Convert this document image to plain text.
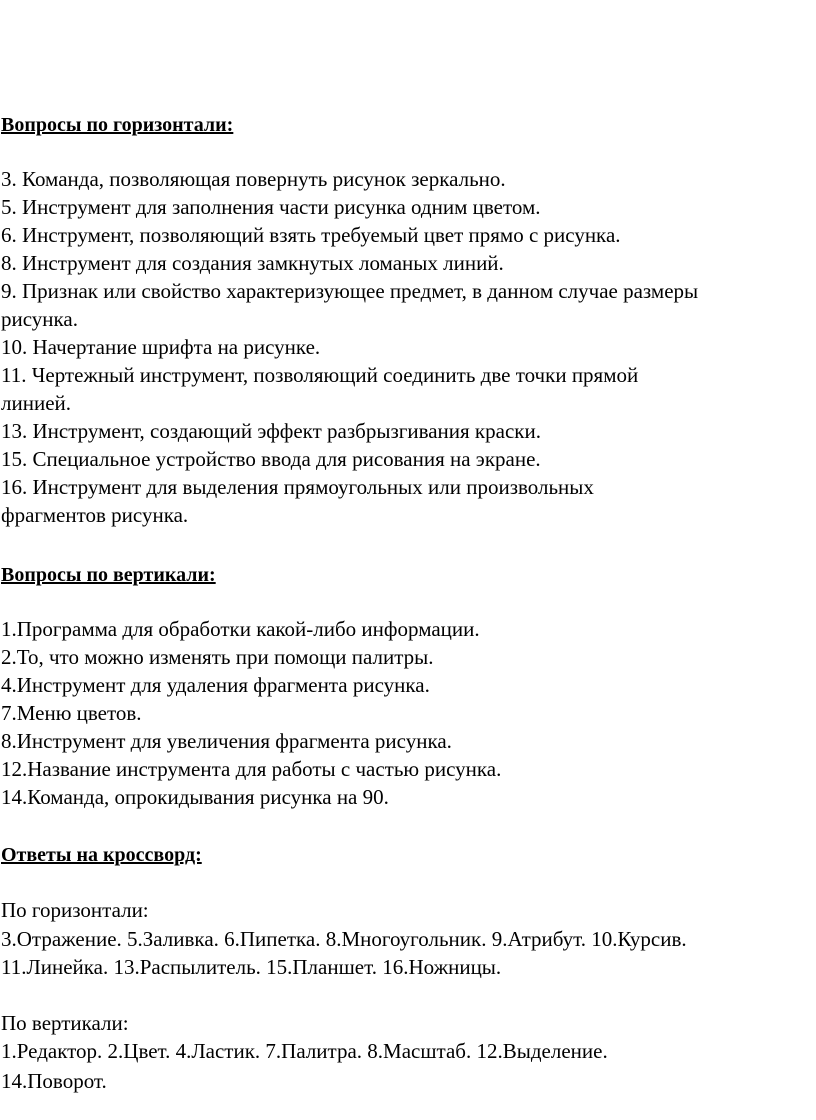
Вопросы по горизонтали:
3. Команда, позволяющая повернуть рисунок зеркально.
5. Инструмент для заполнения части рисунка одним цветом.
6. Инструмент, позволяющий взять требуемый цвет прямо с рисунка.
8. Инструмент для создания замкнутых ломаных линий.
9. Признак или свойство характеризующее предмет, в данном случае размеры
рисунка.
10. Начертание шрифта на рисунке.
11. Чертежный инструмент, позволяющий соединить две точки прямой
линией.
13. Инструмент, создающий эффект разбрызгивания краски.
15. Специальное устройство ввода для рисования на экране.
16. Инструмент для выделения прямоугольных или произвольных
фрагментов рисунка.
Вопросы по вертикали:
1.Программа для обработки какой-либо информации.
2.То, что можно изменять при помощи палитры.
4.Инструмент для удаления фрагмента рисунка.
7.Меню цветов.
8.Инструмент для увеличения фрагмента рисунка.
12.Название инструмента для работы с частью рисунка.
14.Команда, опрокидывания рисунка на 90.
Ответы на кроссворд:
По горизонтали:
3.Отражение. 5.Заливка. 6.Пипетка. 8.Многоугольник. 9.Атрибут. 10.Курсив.
11.Линейка. 13.Распылитель. 15.Планшет. 16.Ножницы.
По вертикали:
1.Редактор. 2.Цвет. 4.Ластик. 7.Палитра. 8.Масштаб. 12.Выделение.
14.Поворот.
